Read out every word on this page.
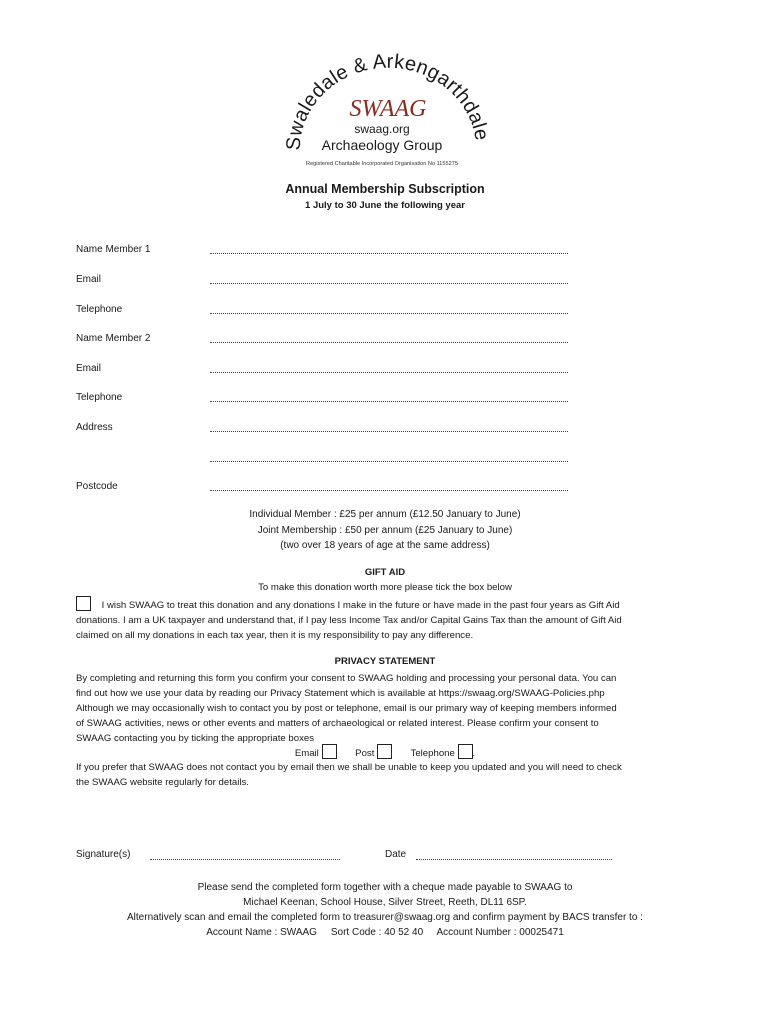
Swaledale & Arkengarthdale
SWAAG
swaag.org
Archaeology Group
Registered Charitable Incorporated Organisation No 1155275
Annual Membership Subscription
1 July to 30 June the following year
Name Member 1
Email
Telephone
Name Member 2
Email
Telephone
Address
Postcode
Individual Member : £25 per annum (£12.50 January to June)
Joint Membership : £50 per annum (£25 January to June)
(two over 18 years of age at the same address)
GIFT AID
To make this donation worth more please tick the box below
I wish SWAAG to treat this donation and any donations I make in the future or have made in the past four years as Gift Aid
donations. I am a UK taxpayer and understand that, if I pay less Income Tax and/or Capital Gains Tax than the amount of Gift Aid
claimed on all my donations in each tax year, then it is my responsibility to pay any difference.
PRIVACY STATEMENT
By completing and returning this form you confirm your consent to SWAAG holding and processing your personal data. You can
find out how we use your data by reading our Privacy Statement which is available at https://swaag.org/SWAAG-Policies.php
Although we may occasionally wish to contact you by post or telephone, email is our primary way of keeping members informed
of SWAAG activities, news or other events and matters of archaeological or related interest. Please confirm your consent to
SWAAG contacting you by ticking the appropriate boxes
Email	Post	Telephone .
If you prefer that SWAAG does not contact you by email then we shall be unable to keep you updated and you will need to check
the SWAAG website regularly for details.
Signature(s)	Date
Please send the completed form together with a cheque made payable to SWAAG to
Michael Keenan, School House, Silver Street, Reeth, DL11 6SP.
Alternatively scan and email the completed form to treasurer@swaag.org and confirm payment by BACS transfer to :
Account Name : SWAAG     Sort Code : 40 52 40     Account Number : 00025471
